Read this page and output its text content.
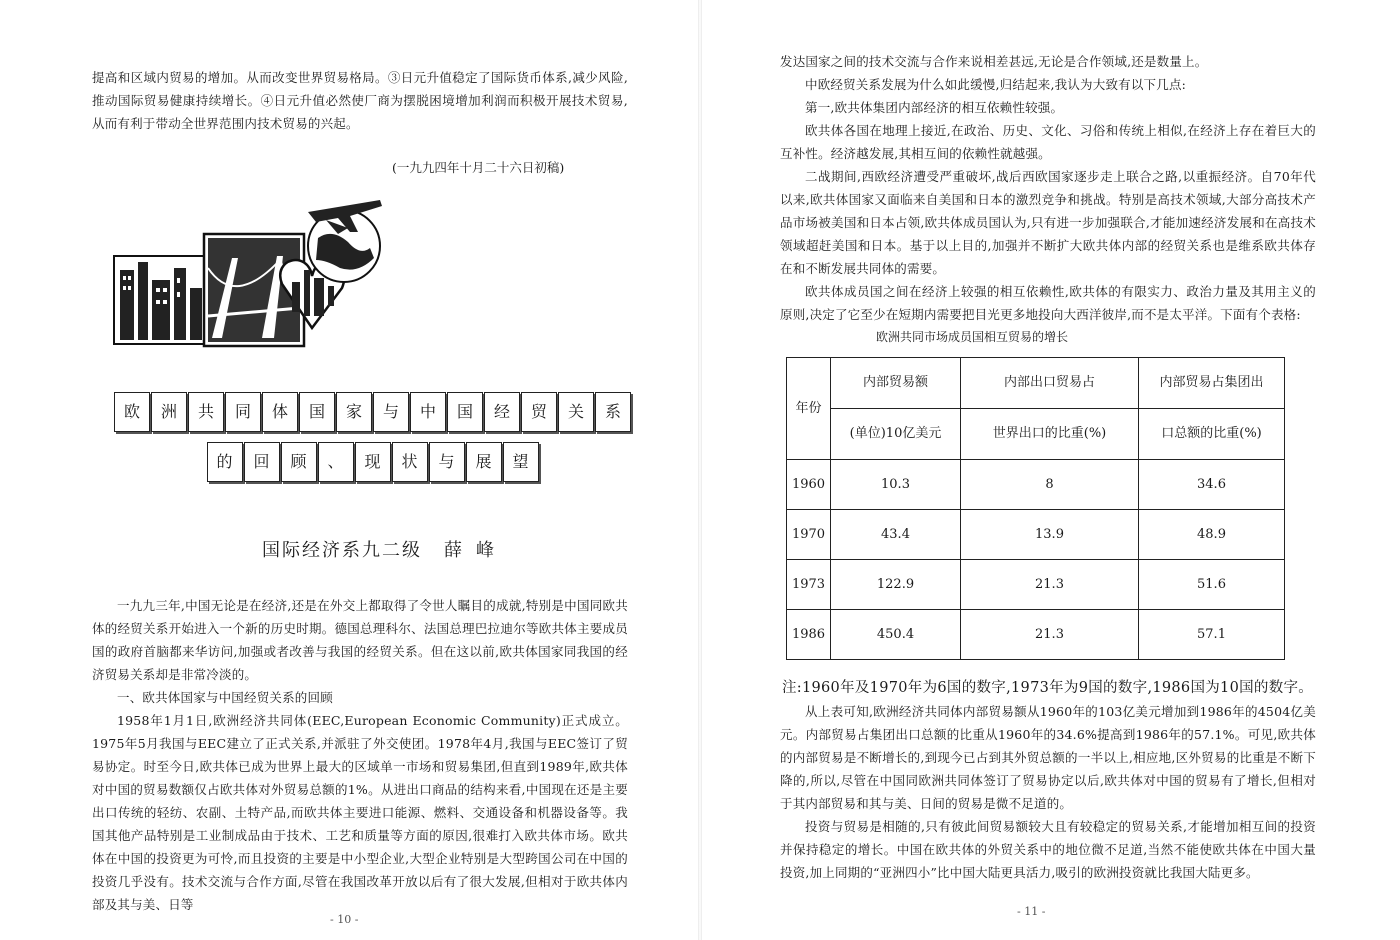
提高和区域内贸易的增加。从而改变世界贸易格局。③日元升值稳定了国际货币体系,减少风险,推动国际贸易健康持续增长。④日元升值必然使厂商为摆脱困境增加利润而积极开展技术贸易,从而有利于带动全世界范围内技术贸易的兴起。

(一九九四年十月二十六日初稿)
欧 洲 共 同 体 国 家 与 中 国 经 贸 关 系
的 回 顾 、 现 状 与 展 望
国际经济系九二级 薛峰

一九九三年,中国无论是在经济,还是在外交上都取得了令世人瞩目的成就,特别是中国同欧共体的经贸关系开始进入一个新的历史时期。德国总理科尔、法国总理巴拉迪尔等欧共体主要成员国的政府首脑都来华访问,加强或者改善与我国的经贸关系。但在这以前,欧共体国家同我国的经济贸易关系却是非常冷淡的。

一、欧共体国家与中国经贸关系的回顾

1958年1月1日,欧洲经济共同体(EEC,European Economic Community)正式成立。1975年5月我国与EEC建立了正式关系,并派驻了外交使团。1978年4月,我国与EEC签订了贸易协定。时至今日,欧共体已成为世界上最大的区域单一市场和贸易集团,但直到1989年,欧共体对中国的贸易数额仅占欧共体对外贸易总额的1%。从进出口商品的结构来看,中国现在还是主要出口传统的轻纺、农副、土特产品,而欧共体主要进口能源、燃料、交通设备和机器设备等。我国其他产品特别是工业制成品由于技术、工艺和质量等方面的原因,很难打入欧共体市场。欧共体在中国的投资更为可怜,而且投资的主要是中小型企业,大型企业特别是大型跨国公司在中国的投资几乎没有。技术交流与合作方面,尽管在我国改革开放以后有了很大发展,但相对于欧共体内部及其与美、日等

- 10 -

发达国家之间的技术交流与合作来说相差甚远,无论是合作领域,还是数量上。

中欧经贸关系发展为什么如此缓慢,归结起来,我认为大致有以下几点:

第一,欧共体集团内部经济的相互依赖性较强。

欧共体各国在地理上接近,在政治、历史、文化、习俗和传统上相似,在经济上存在着巨大的互补性。经济越发展,其相互间的依赖性就越强。

二战期间,西欧经济遭受严重破坏,战后西欧国家逐步走上联合之路,以重振经济。自70年代以来,欧共体国家又面临来自美国和日本的激烈竞争和挑战。特别是高技术领域,大部分高技术产品市场被美国和日本占领,欧共体成员国认为,只有进一步加强联合,才能加速经济发展和在高技术领域超赶美国和日本。基于以上目的,加强并不断扩大欧共体内部的经贸关系也是维系欧共体存在和不断发展共同体的需要。

欧共体成员国之间在经济上较强的相互依赖性,欧共体的有限实力、政治力量及其用主义的原则,决定了它至少在短期内需要把目光更多地投向大西洋彼岸,而不是太平洋。下面有个表格:

欧洲共同市场成员国相互贸易的增长
年份	内部贸易额	内部出口贸易占	内部贸易占集团出
	(单位)10亿美元	世界出口的比重(%)	口总额的比重(%)
1960	10.3	8	34.6
1970	43.4	13.9	48.9
1973	122.9	21.3	51.6
1986	450.4	21.3	57.1
注:1960年及1970年为6国的数字,1973年为9国的数字,1986国为10国的数字。

从上表可知,欧洲经济共同体内部贸易额从1960年的103亿美元增加到1986年的4504亿美元。内部贸易占集团出口总额的比重从1960年的34.6%提高到1986年的57.1%。可见,欧共体的内部贸易是不断增长的,到现今已占到其外贸总额的一半以上,相应地,区外贸易的比重是不断下降的,所以,尽管在中国同欧洲共同体签订了贸易协定以后,欧共体对中国的贸易有了增长,但相对于其内部贸易和其与美、日间的贸易是微不足道的。

投资与贸易是相随的,只有彼此间贸易额较大且有较稳定的贸易关系,才能增加相互间的投资并保持稳定的增长。中国在欧共体的外贸关系中的地位微不足道,当然不能使欧共体在中国大量投资,加上同期的“亚洲四小”比中国大陆更具活力,吸引的欧洲投资就比我国大陆更多。

- 11 -
